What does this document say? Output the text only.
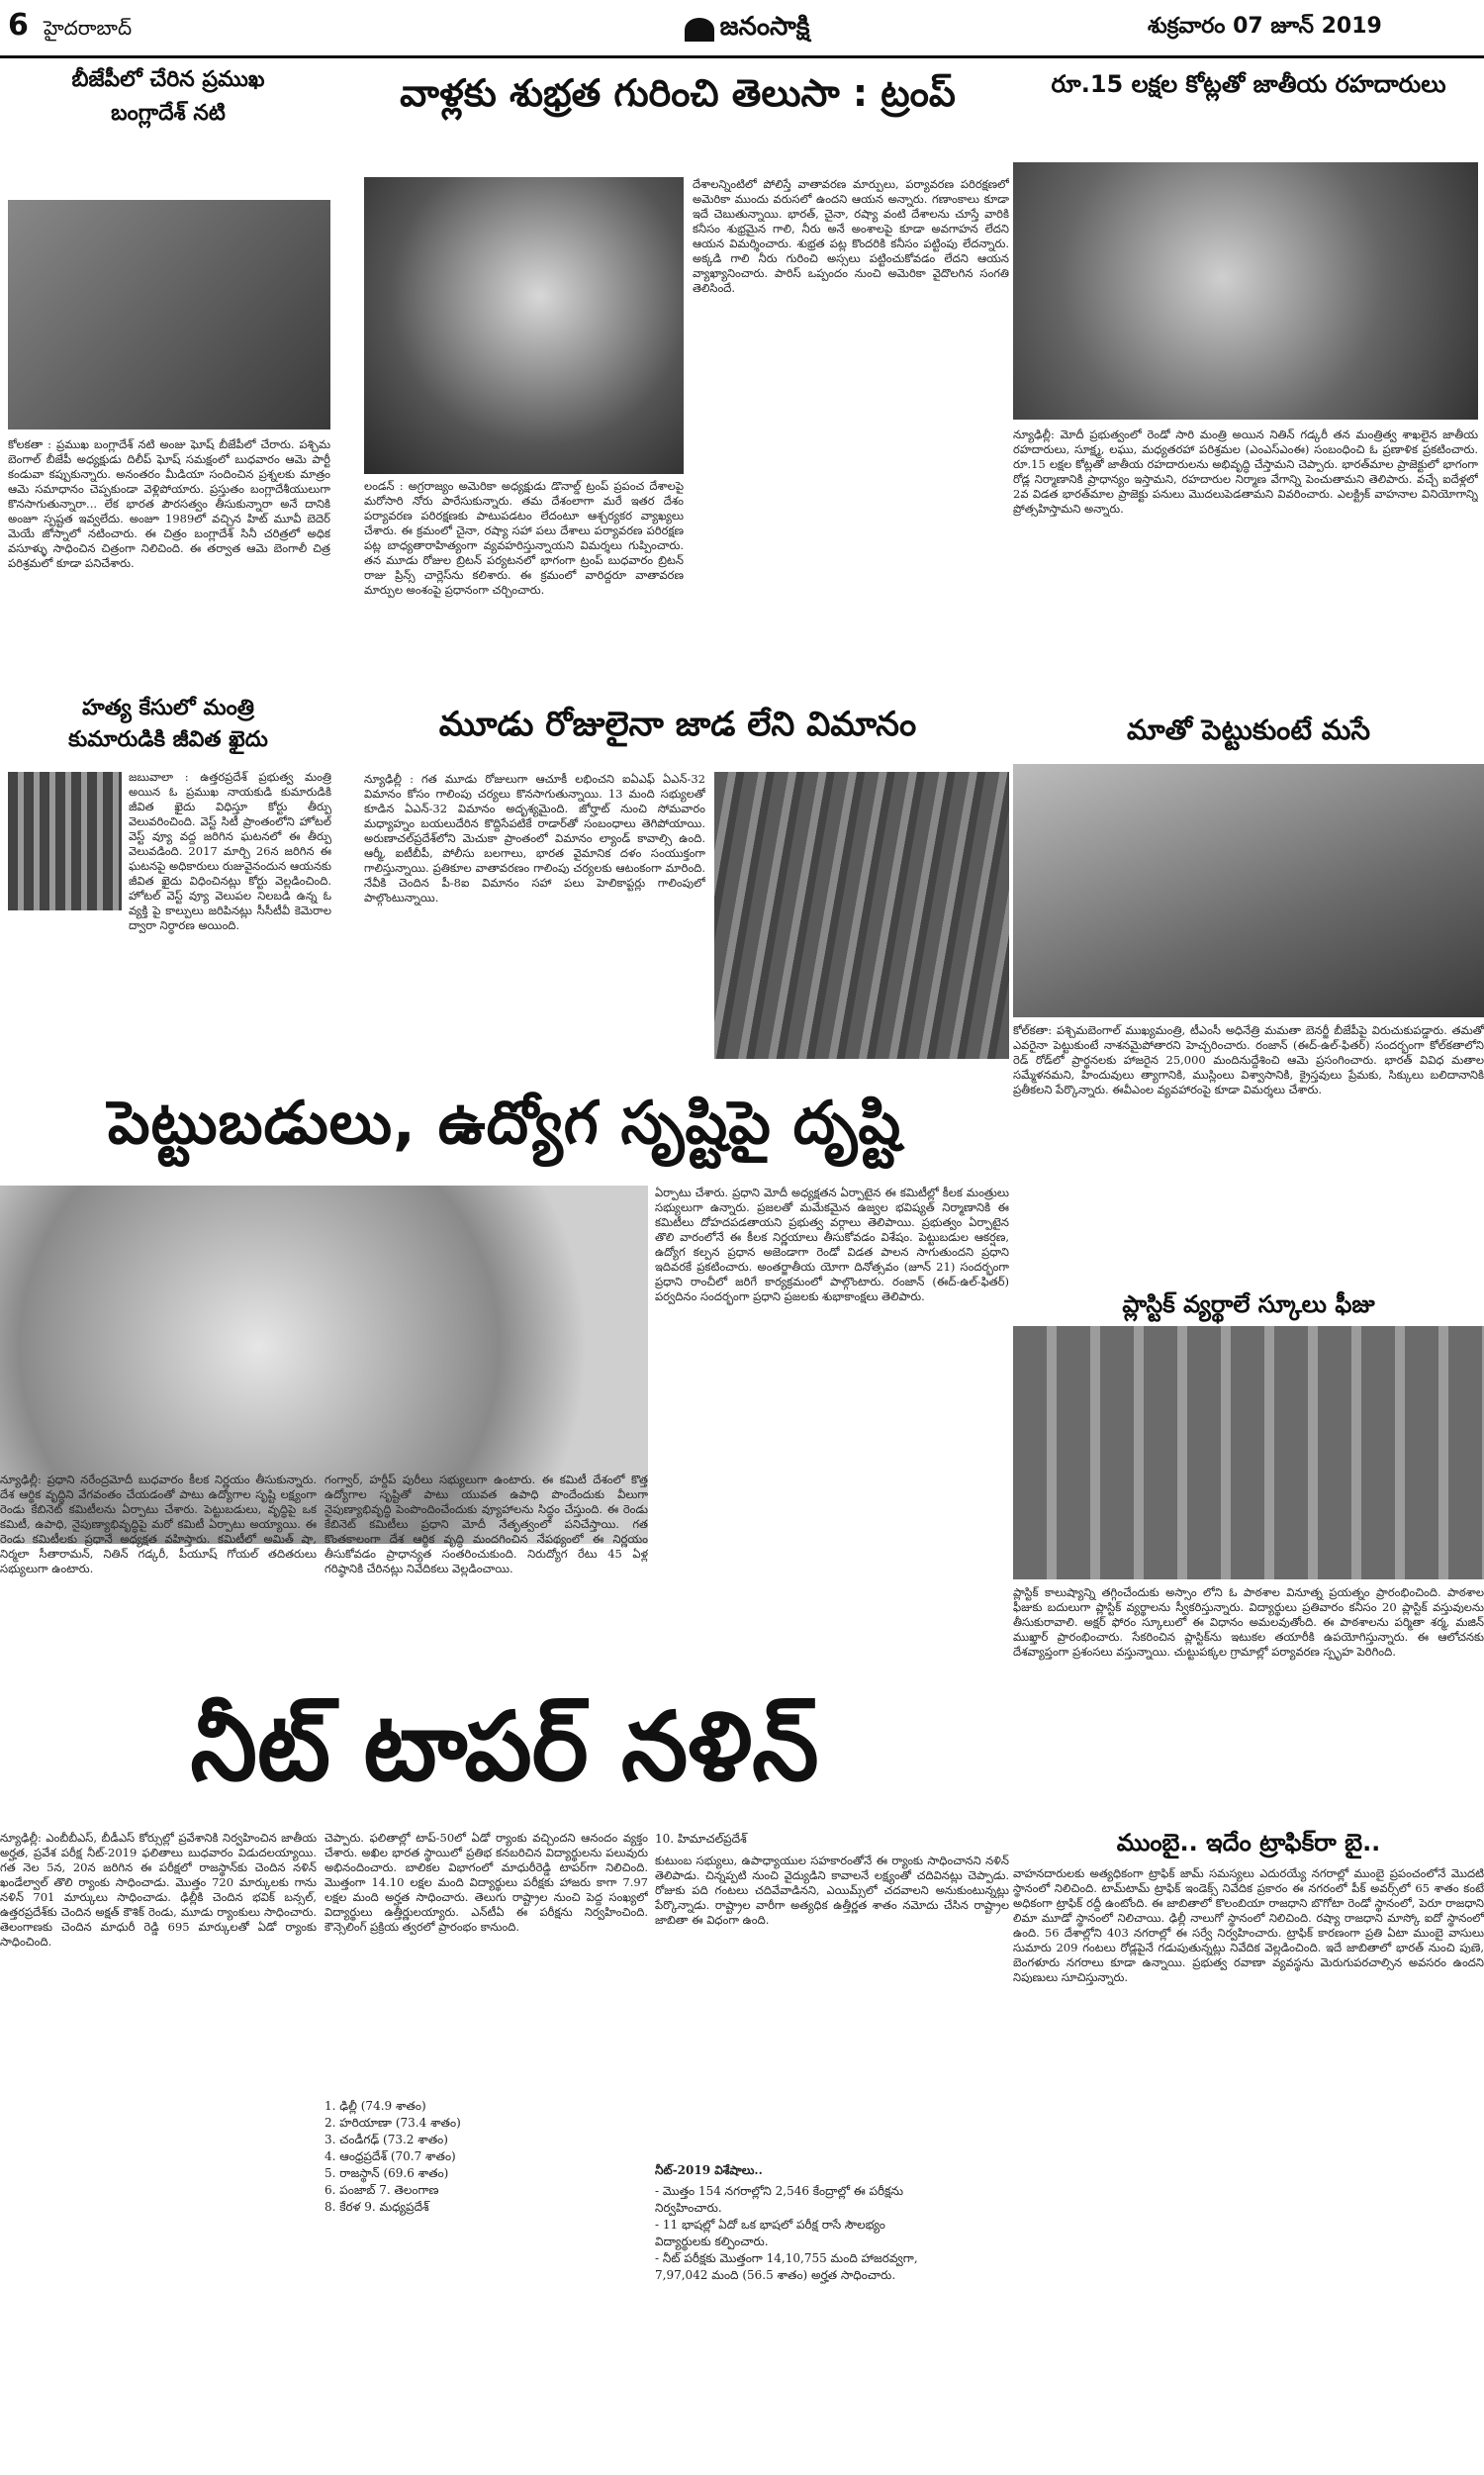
6 హైదరాబాద్	జనంసాక్షి	శుక్రవారం 07 జూన్ 2019
బీజేపీలో చేరిన ప్రముఖ
బంగ్లాదేశ్ నటి
కోలకతా : ప్రముఖ బంగ్లాదేశ్ నటి అంజు ఘోష్ బీజేపీలో చేరారు. పశ్చిమ బెంగాల్ బీజేపీ అధ్యక్షుడు దిలీప్ ఘోష్ సమక్షంలో బుధవారం ఆమె పార్టీ కండువా కప్పుకున్నారు. అనంతరం మీడియా సందించిన ప్రశ్నలకు మాత్రం ఆమె సమాధానం చెప్పకుండా వెళ్లిపోయారు. ప్రస్తుతం బంగ్లాదేశీయులుగా కొనసాగుతున్నారా... లేక భారత పౌరసత్వం తీసుకున్నారా అనే దానికి అంజూ స్పష్టత ఇవ్వలేదు. అంజూ 1989లో వచ్చిన హిట్ మూవీ బెదెర్ మెయే జోస్నాలో నటించారు. ఈ చిత్రం బంగ్లాదేశ్ సినీ చరిత్రలో అధిక వసూళ్ళు సాధించిన చిత్రంగా నిలిచింది. ఈ తర్వాత ఆమె బెంగాలీ చిత్ర పరిశ్రమలో కూడా పనిచేశారు.
హత్య కేసులో మంత్రి
కుమారుడికి జీవిత ఖైదు
జబువాలా : ఉత్తరప్రదేశ్ ప్రభుత్వ మంత్రి అయిన ఓ ప్రముఖ నాయకుడి కుమారుడికి జీవిత ఖైదు విధిస్తూ కోర్టు తీర్పు వెలువరించింది. వెస్ట్ సిటీ ప్రాంతంలోని హోటల్ వెస్ట్ వ్యూ వద్ద జరిగిన ఘటనలో ఈ తీర్పు వెలువడింది. 2017 మార్చి 26న జరిగిన ఈ ఘటనపై అధికారులు రుజువైనందున ఆయనకు జీవిత ఖైదు విధించినట్లు కోర్టు వెల్లడించింది. హోటల్ వెస్ట్ వ్యూ వెలుపల నిలబడి ఉన్న ఓ వ్యక్తి పై కాల్పులు జరిపినట్లు సీసీటీవీ కెమెరాల ద్వారా నిర్ధారణ అయింది.
వాళ్లకు శుభ్రత గురించి తెలుసా : ట్రంప్
లండన్ : అగ్రరాజ్యం అమెరికా అధ్యక్షుడు డొనాల్డ్ ట్రంప్ ప్రపంచ దేశాలపై మరోసారి నోరు పారేసుకున్నారు. తమ దేశంలాగా మరే ఇతర దేశం పర్యావరణ పరిరక్షణకు పాటుపడటం లేదంటూ ఆశ్చర్యకర వ్యాఖ్యలు చేశారు. ఈ క్రమంలో చైనా, రష్యా సహా పలు దేశాలు పర్యావరణ పరిరక్షణ పట్ల బాధ్యతారాహిత్యంగా వ్యవహరిస్తున్నాయని విమర్శలు గుప్పించారు. తన మూడు రోజుల బ్రిటన్ పర్యటనలో భాగంగా ట్రంప్ బుధవారం బ్రిటన్ రాజు ప్రిన్స్ చార్లెస్‌ను కలిశారు. ఈ క్రమంలో వారిద్దరూ వాతావరణ మార్పుల అంశంపై ప్రధానంగా చర్చించారు.
దేశాలన్నింటిలో పోలిస్తే వాతావరణ మార్పులు, పర్యావరణ పరిరక్షణలో అమెరికా ముందు వరుసలో ఉందని ఆయన అన్నారు. గణాంకాలు కూడా ఇదే చెబుతున్నాయి. భారత్, చైనా, రష్యా వంటి దేశాలను చూస్తే వారికి కనీసం శుభ్రమైన గాలి, నీరు అనే అంశాలపై కూడా అవగాహన లేదని ఆయన విమర్శించారు. శుభ్రత పట్ల కొందరికి కనీసం పట్టింపు లేదన్నారు. అక్కడి గాలి నీరు గురించి అస్సలు పట్టించుకోవడం లేదని ఆయన వ్యాఖ్యానించారు. పారిస్ ఒప్పందం నుంచి అమెరికా వైదొలగిన సంగతి తెలిసిందే.
రూ.15 లక్షల కోట్లతో జాతీయ రహదారులు
న్యూఢిల్లీ: మోదీ ప్రభుత్వంలో రెండో సారి మంత్రి అయిన నితిన్ గడ్కరీ తన మంత్రిత్వ శాఖలైన జాతీయ రహదారులు, సూక్ష్మ, లఘు, మధ్యతరహా పరిశ్రమల (ఎంఎస్ఎంఈ) సంబంధించి ఓ ప్రణాళిక ప్రకటించారు. రూ.15 లక్షల కోట్లతో జాతీయ రహదారులను అభివృద్ధి చేస్తామని చెప్పారు. భారత్‌మాల ప్రాజెక్టులో భాగంగా రోడ్ల నిర్మాణానికి ప్రాధాన్యం ఇస్తామని, రహదారుల నిర్మాణ వేగాన్ని పెంచుతామని తెలిపారు. వచ్చే ఐదేళ్లలో 2వ విడత భారత్‌మాల ప్రాజెక్టు పనులు మొదలుపెడతామని వివరించారు. ఎలక్ట్రిక్ వాహనాల వినియోగాన్ని ప్రోత్సహిస్తామని అన్నారు.
మూడు రోజులైనా జాడ లేని విమానం
న్యూఢిల్లీ : గత మూడు రోజులుగా ఆచూకీ లభించని ఐఏఎఫ్ ఏఎన్-32 విమానం కోసం గాలింపు చర్యలు కొనసాగుతున్నాయి. 13 మంది సభ్యులతో కూడిన ఏఎన్-32 విమానం అదృశ్యమైంది. జోర్హాట్ నుంచి సోమవారం మధ్యాహ్నం బయలుదేరిన కొద్దిసేపటికే రాడార్‌తో సంబంధాలు తెగిపోయాయి. అరుణాచల్‌ప్రదేశ్‌లోని మెచుకా ప్రాంతంలో విమానం ల్యాండ్ కావాల్సి ఉంది. ఆర్మీ, ఐటీబీపీ, పోలీసు బలగాలు, భారత వైమానిక దళం సంయుక్తంగా గాలిస్తున్నాయి. ప్రతికూల వాతావరణం గాలింపు చర్యలకు ఆటంకంగా మారింది. నేవీకి చెందిన పీ-8ఐ విమానం సహా పలు హెలికాప్టర్లు గాలింపులో పాల్గొంటున్నాయి.
మాతో పెట్టుకుంటే మసే
కోల్‌కతా: పశ్చిమబెంగాల్ ముఖ్యమంత్రి, టీఎంసీ అధినేత్రి మమతా బెనర్జీ బీజేపీపై విరుచుకుపడ్డారు. తమతో ఎవరైనా పెట్టుకుంటే నాశనమైపోతారని హెచ్చరించారు. రంజాన్ (ఈద్-ఉల్-ఫితర్) సందర్భంగా కోల్‌కతాలోని రెడ్ రోడ్‌లో ప్రార్థనలకు హాజరైన 25,000 మందినుద్దేశించి ఆమె ప్రసంగించారు. భారత్ వివిధ మతాల సమ్మేళనమని, హిందువులు త్యాగానికి, ముస్లింలు విశ్వాసానికి, క్రైస్తవులు ప్రేమకు, సిక్కులు బలిదానానికి ప్రతీకలని పేర్కొన్నారు. ఈవీఎంల వ్యవహారంపై కూడా విమర్శలు చేశారు.
పెట్టుబడులు, ఉద్యోగ సృష్టిపై దృష్టి
ఏర్పాటు చేశారు. ప్రధాని మోదీ అధ్యక్షతన ఏర్పాటైన ఈ కమిటీల్లో కీలక మంత్రులు సభ్యులుగా ఉన్నారు. ప్రజలతో మమేకమైన ఉజ్వల భవిష్యత్ నిర్మాణానికి ఈ కమిటీలు దోహదపడతాయని ప్రభుత్వ వర్గాలు తెలిపాయి. ప్రభుత్వం ఏర్పాటైన తొలి వారంలోనే ఈ కీలక నిర్ణయాలు తీసుకోవడం విశేషం. పెట్టుబడుల ఆకర్షణ, ఉద్యోగ కల్పన ప్రధాన అజెండాగా రెండో విడత పాలన సాగుతుందని ప్రధాని ఇదివరకే ప్రకటించారు. అంతర్జాతీయ యోగా దినోత్సవం (జూన్ 21) సందర్భంగా ప్రధాని రాంచీలో జరిగే కార్యక్రమంలో పాల్గొంటారు. రంజాన్ (ఈద్-ఉల్-ఫితర్) పర్వదినం సందర్భంగా ప్రధాని ప్రజలకు శుభాకాంక్షలు తెలిపారు.
న్యూఢిల్లీ: ప్రధాని నరేంద్రమోదీ బుధవారం కీలక నిర్ణయం తీసుకున్నారు. దేశ ఆర్థిక వృద్ధిని వేగవంతం చేయడంతో పాటు ఉద్యోగాల సృష్టి లక్ష్యంగా రెండు కేబినెట్ కమిటీలను ఏర్పాటు చేశారు. పెట్టుబడులు, వృద్ధిపై ఒక కమిటీ, ఉపాధి, నైపుణ్యాభివృద్ధిపై మరో కమిటీ ఏర్పాటు అయ్యాయి. ఈ రెండు కమిటీలకు ప్రధానే అధ్యక్షత వహిస్తారు. కమిటీలో అమిత్ షా, నిర్మలా సీతారామన్, నితిన్ గడ్కరీ, పీయూష్ గోయల్ తదితరులు సభ్యులుగా ఉంటారు.
గంగ్వార్, హర్దీప్ పురీలు సభ్యులుగా ఉంటారు. ఈ కమిటీ దేశంలో కొత్త ఉద్యోగాల సృష్టితో పాటు యువత ఉపాధి పొందేందుకు వీలుగా నైపుణ్యాభివృద్ధి పెంపొందించేందుకు వ్యూహాలను సిద్ధం చేస్తుంది. ఈ రెండు కేబినెట్ కమిటీలు ప్రధాని మోదీ నేతృత్వంలో పనిచేస్తాయి. గత కొంతకాలంగా దేశ ఆర్థిక వృద్ధి మందగించిన నేపథ్యంలో ఈ నిర్ణయం తీసుకోవడం ప్రాధాన్యత సంతరించుకుంది. నిరుద్యోగ రేటు 45 ఏళ్ల గరిష్ఠానికి చేరినట్లు నివేదికలు వెల్లడించాయి.
ప్లాస్టిక్ వ్యర్థాలే స్కూలు ఫీజు
ప్లాస్టిక్ కాలుష్యాన్ని తగ్గించేందుకు అస్సాం లోని ఓ పాఠశాల వినూత్న ప్రయత్నం ప్రారంభించింది. పాఠశాల ఫీజుకు బదులుగా ప్లాస్టిక్ వ్యర్థాలను స్వీకరిస్తున్నారు. విద్యార్థులు ప్రతివారం కనీసం 20 ప్లాస్టిక్ వస్తువులను తీసుకురావాలి. అక్షర్ ఫోరం స్కూలులో ఈ విధానం అమలవుతోంది. ఈ పాఠశాలను పర్మితా శర్మ, మజిన్ ముఖ్తార్ ప్రారంభించారు. సేకరించిన ప్లాస్టిక్‌ను ఇటుకల తయారీకి ఉపయోగిస్తున్నారు. ఈ ఆలోచనకు దేశవ్యాప్తంగా ప్రశంసలు వస్తున్నాయి. చుట్టుపక్కల గ్రామాల్లో పర్యావరణ స్పృహ పెరిగింది.
నీట్ టాపర్ నళిన్
న్యూఢిల్లీ: ఎంబీబీఎస్, బీడీఎస్ కోర్సుల్లో ప్రవేశానికి నిర్వహించిన జాతీయ అర్హత, ప్రవేశ పరీక్ష నీట్-2019 ఫలితాలు బుధవారం విడుదలయ్యాయి. గత నెల 5న, 20న జరిగిన ఈ పరీక్షలో రాజస్థాన్‌కు చెందిన నళిన్ ఖండేల్వాల్ తొలి ర్యాంకు సాధించాడు. మొత్తం 720 మార్కులకు గాను నళిన్ 701 మార్కులు సాధించాడు. ఢిల్లీకి చెందిన భవిక్ బన్సల్, ఉత్తరప్రదేశ్‌కు చెందిన అక్షత్ కౌశిక్ రెండు, మూడు ర్యాంకులు సాధించారు. తెలంగాణకు చెందిన మాధురీ రెడ్డి 695 మార్కులతో ఏడో ర్యాంకు సాధించింది.
చెప్పారు. ఫలితాల్లో టాప్-50లో ఏడో ర్యాంకు వచ్చిందని ఆనందం వ్యక్తం చేశారు. అఖిల భారత స్థాయిలో ప్రతిభ కనబరిచిన విద్యార్థులను పలువురు అభినందించారు. బాలికల విభాగంలో మాధురీరెడ్డి టాపర్‌గా నిలిచింది. మొత్తంగా 14.10 లక్షల మంది విద్యార్థులు పరీక్షకు హాజరు కాగా 7.97 లక్షల మంది అర్హత సాధించారు. తెలుగు రాష్ట్రాల నుంచి పెద్ద సంఖ్యలో విద్యార్థులు ఉత్తీర్ణులయ్యారు. ఎన్‌టీఏ ఈ పరీక్షను నిర్వహించింది. కౌన్సెలింగ్ ప్రక్రియ త్వరలో ప్రారంభం కానుంది.
1. ఢిల్లీ (74.9 శాతం)
2. హరియాణా (73.4 శాతం)
3. చండీగఢ్ (73.2 శాతం)
4. ఆంధ్రప్రదేశ్ (70.7 శాతం)
5. రాజస్థాన్ (69.6 శాతం)
6. పంజాబ్ 7. తెలంగాణ
8. కేరళ 9. మధ్యప్రదేశ్
10. హిమాచల్‌ప్రదేశ్
కుటుంబ సభ్యులు, ఉపాధ్యాయుల సహకారంతోనే ఈ ర్యాంకు సాధించానని నళిన్ తెలిపాడు. చిన్నప్పటి నుంచి వైద్యుడిని కావాలనే లక్ష్యంతో చదివినట్లు చెప్పాడు. రోజుకు పది గంటలు చదివేవాడినని, ఎయిమ్స్‌లో చదవాలని అనుకుంటున్నట్లు పేర్కొన్నాడు. రాష్ట్రాల వారీగా అత్యధిక ఉత్తీర్ణత శాతం నమోదు చేసిన రాష్ట్రాల జాబితా ఈ విధంగా ఉంది.
నీట్-2019 విశేషాలు..
- మొత్తం 154 నగరాల్లోని 2,546 కేంద్రాల్లో ఈ పరీక్షను
నిర్వహించారు.
- 11 భాషల్లో ఏదో ఒక భాషలో పరీక్ష రాసే సౌలభ్యం
విద్యార్థులకు కల్పించారు.
- నీట్ పరీక్షకు మొత్తంగా 14,10,755 మంది హాజరవ్వగా,
7,97,042 మంది (56.5 శాతం) అర్హత సాధించారు.
ముంబై.. ఇదేం ట్రాఫిక్‌రా బై..
వాహనదారులకు అత్యధికంగా ట్రాఫిక్ జామ్ సమస్యలు ఎదురయ్యే నగరాల్లో ముంబై ప్రపంచంలోనే మొదటి స్థానంలో నిలిచింది. టామ్‌టామ్ ట్రాఫిక్ ఇండెక్స్ నివేదిక ప్రకారం ఈ నగరంలో పీక్ అవర్స్‌లో 65 శాతం కంటే అధికంగా ట్రాఫిక్ రద్దీ ఉంటోంది. ఈ జాబితాలో కొలంబియా రాజధాని బొగోటా రెండో స్థానంలో, పెరూ రాజధాని లిమా మూడో స్థానంలో నిలిచాయి. ఢిల్లీ నాలుగో స్థానంలో నిలిచింది. రష్యా రాజధాని మాస్కో ఐదో స్థానంలో ఉంది. 56 దేశాల్లోని 403 నగరాల్లో ఈ సర్వే నిర్వహించారు. ట్రాఫిక్ కారణంగా ప్రతి ఏటా ముంబై వాసులు సుమారు 209 గంటలు రోడ్లపైనే గడుపుతున్నట్లు నివేదిక వెల్లడించింది. ఇదే జాబితాలో భారత్ నుంచి పుణె, బెంగళూరు నగరాలు కూడా ఉన్నాయి. ప్రభుత్వ రవాణా వ్యవస్థను మెరుగుపరచాల్సిన అవసరం ఉందని నిపుణులు సూచిస్తున్నారు.
